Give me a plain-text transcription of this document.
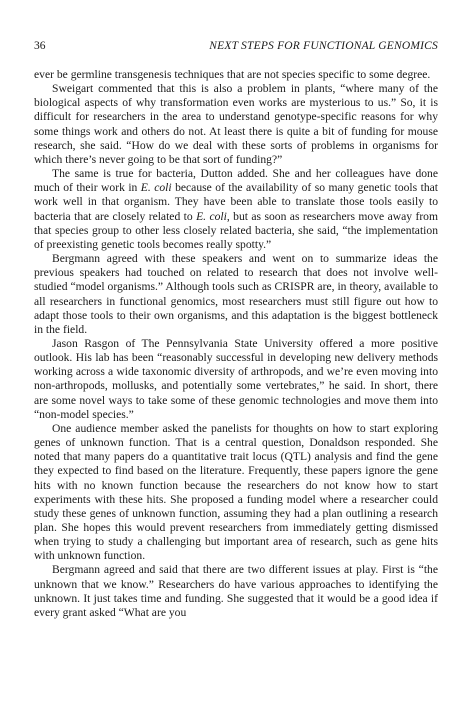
36	NEXT STEPS FOR FUNCTIONAL GENOMICS

ever be germline transgenesis techniques that are not species specific to some degree.

Sweigart commented that this is also a problem in plants, “where many of the biological aspects of why transformation even works are mysterious to us.” So, it is difficult for researchers in the area to understand genotype-specific reasons for why some things work and others do not. At least there is quite a bit of funding for mouse research, she said. “How do we deal with these sorts of problems in organisms for which there’s never going to be that sort of funding?”

The same is true for bacteria, Dutton added. She and her colleagues have done much of their work in E. coli because of the availability of so many genetic tools that work well in that organism. They have been able to translate those tools easily to bacteria that are closely related to E. coli, but as soon as researchers move away from that species group to other less closely related bacteria, she said, “the implementation of preexisting genetic tools becomes really spotty.”

Bergmann agreed with these speakers and went on to summarize ideas the previous speakers had touched on related to research that does not involve well-studied “model organisms.” Although tools such as CRISPR are, in theory, available to all researchers in functional genomics, most researchers must still figure out how to adapt those tools to their own organisms, and this adaptation is the biggest bottleneck in the field.

Jason Rasgon of The Pennsylvania State University offered a more positive outlook. His lab has been “reasonably successful in developing new delivery methods working across a wide taxonomic diversity of arthropods, and we’re even moving into non-arthropods, mollusks, and potentially some vertebrates,” he said. In short, there are some novel ways to take some of these genomic technologies and move them into “non-model species.”

One audience member asked the panelists for thoughts on how to start exploring genes of unknown function. That is a central question, Donaldson responded. She noted that many papers do a quantitative trait locus (QTL) analysis and find the gene they expected to find based on the literature. Frequently, these papers ignore the gene hits with no known function because the researchers do not know how to start experiments with these hits. She proposed a funding model where a researcher could study these genes of unknown function, assuming they had a plan outlining a research plan. She hopes this would prevent researchers from immediately getting dismissed when trying to study a challenging but important area of research, such as gene hits with unknown function.

Bergmann agreed and said that there are two different issues at play. First is “the unknown that we know.” Researchers do have various approaches to identifying the unknown. It just takes time and funding. She suggested that it would be a good idea if every grant asked “What are you
